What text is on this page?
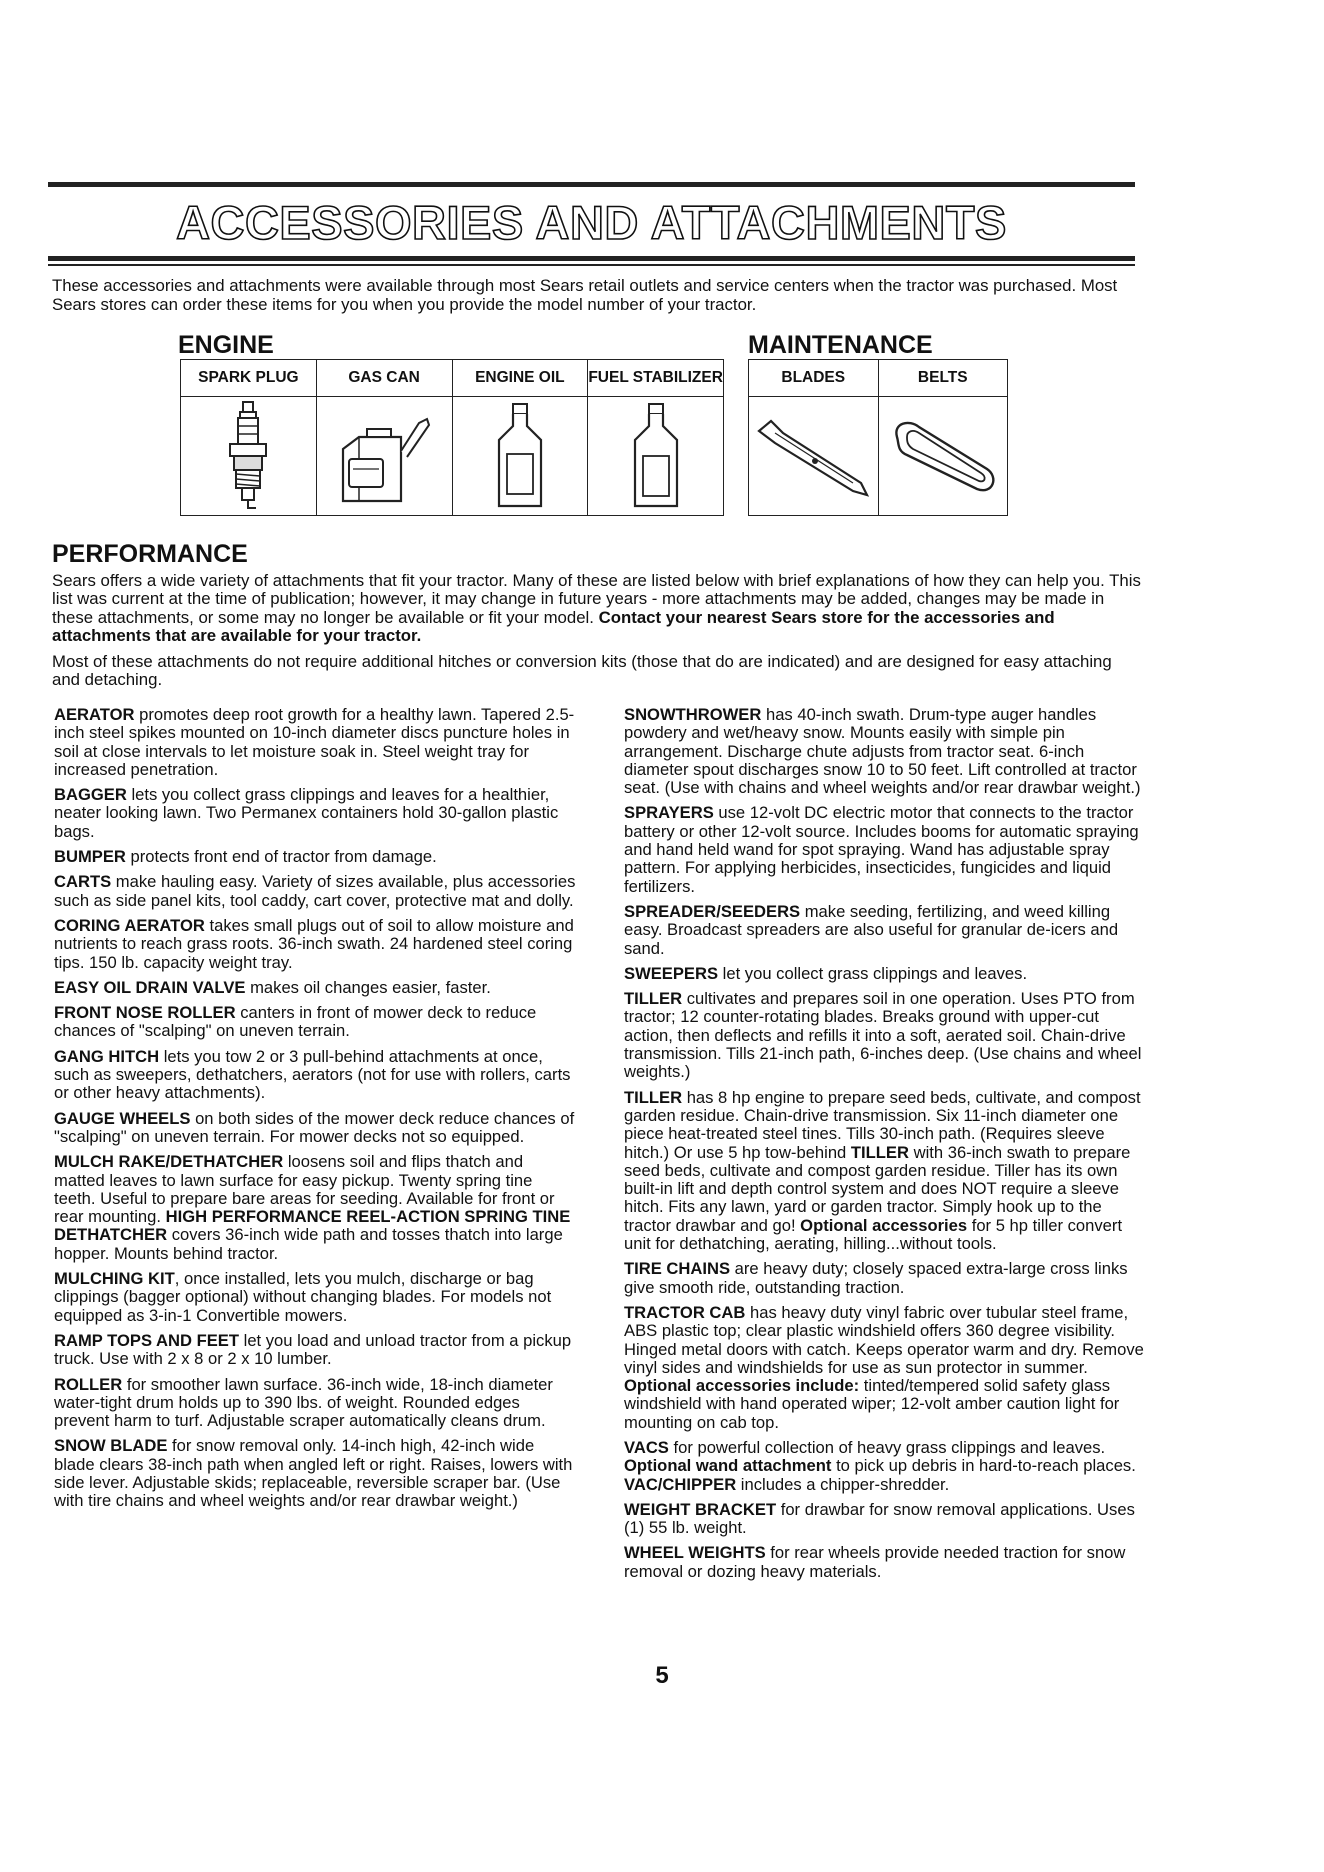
ACCESSORIES AND ATTACHMENTS

These accessories and attachments were available through most Sears retail outlets and service centers when the tractor was purchased. Most Sears stores can order these items for you when you provide the model number of your tractor.

ENGINE
SPARK PLUG	GAS CAN	ENGINE OIL	FUEL STABILIZER

MAINTENANCE
BLADES	BELTS

PERFORMANCE

Sears offers a wide variety of attachments that fit your tractor. Many of these are listed below with brief explanations of how they can help you. This list was current at the time of publication; however, it may change in future years - more attachments may be added, changes may be made in these attachments, or some may no longer be available or fit your model. Contact your nearest Sears store for the accessories and attachments that are available for your tractor.

Most of these attachments do not require additional hitches or conversion kits (those that do are indicated) and are designed for easy attaching and detaching.

AERATOR promotes deep root growth for a healthy lawn. Tapered 2.5-inch steel spikes mounted on 10-inch diameter discs puncture holes in soil at close intervals to let moisture soak in. Steel weight tray for increased penetration.

BAGGER lets you collect grass clippings and leaves for a healthier, neater looking lawn. Two Permanex containers hold 30-gallon plastic bags.

BUMPER protects front end of tractor from damage.

CARTS make hauling easy. Variety of sizes available, plus accessories such as side panel kits, tool caddy, cart cover, protective mat and dolly.

CORING AERATOR takes small plugs out of soil to allow moisture and nutrients to reach grass roots. 36-inch swath. 24 hardened steel coring tips. 150 lb. capacity weight tray.

EASY OIL DRAIN VALVE makes oil changes easier, faster.

FRONT NOSE ROLLER canters in front of mower deck to reduce chances of "scalping" on uneven terrain.

GANG HITCH lets you tow 2 or 3 pull-behind attachments at once, such as sweepers, dethatchers, aerators (not for use with rollers, carts or other heavy attachments).

GAUGE WHEELS on both sides of the mower deck reduce chances of "scalping" on uneven terrain. For mower decks not so equipped.

MULCH RAKE/DETHATCHER loosens soil and flips thatch and matted leaves to lawn surface for easy pickup. Twenty spring tine teeth. Useful to prepare bare areas for seeding. Available for front or rear mounting. HIGH PERFORMANCE REEL-ACTION SPRING TINE DETHATCHER covers 36-inch wide path and tosses thatch into large hopper. Mounts behind tractor.

MULCHING KIT, once installed, lets you mulch, discharge or bag clippings (bagger optional) without changing blades. For models not equipped as 3-in-1 Convertible mowers.

RAMP TOPS AND FEET let you load and unload tractor from a pickup truck. Use with 2 x 8 or 2 x 10 lumber.

ROLLER for smoother lawn surface. 36-inch wide, 18-inch diameter water-tight drum holds up to 390 lbs. of weight. Rounded edges prevent harm to turf. Adjustable scraper automatically cleans drum.

SNOW BLADE for snow removal only. 14-inch high, 42-inch wide blade clears 38-inch path when angled left or right. Raises, lowers with side lever. Adjustable skids; replaceable, reversible scraper bar. (Use with tire chains and wheel weights and/or rear drawbar weight.)

SNOWTHROWER has 40-inch swath. Drum-type auger handles powdery and wet/heavy snow. Mounts easily with simple pin arrangement. Discharge chute adjusts from tractor seat. 6-inch diameter spout discharges snow 10 to 50 feet. Lift controlled at tractor seat. (Use with chains and wheel weights and/or rear drawbar weight.)

SPRAYERS use 12-volt DC electric motor that connects to the tractor battery or other 12-volt source. Includes booms for automatic spraying and hand held wand for spot spraying. Wand has adjustable spray pattern. For applying herbicides, insecticides, fungicides and liquid fertilizers.

SPREADER/SEEDERS make seeding, fertilizing, and weed killing easy. Broadcast spreaders are also useful for granular de-icers and sand.

SWEEPERS let you collect grass clippings and leaves.

TILLER cultivates and prepares soil in one operation. Uses PTO from tractor; 12 counter-rotating blades. Breaks ground with upper-cut action, then deflects and refills it into a soft, aerated soil. Chain-drive transmission. Tills 21-inch path, 6-inches deep. (Use chains and wheel weights.)

TILLER has 8 hp engine to prepare seed beds, cultivate, and compost garden residue. Chain-drive transmission. Six 11-inch diameter one piece heat-treated steel tines. Tills 30-inch path. (Requires sleeve hitch.) Or use 5 hp tow-behind TILLER with 36-inch swath to prepare seed beds, cultivate and compost garden residue. Tiller has its own built-in lift and depth control system and does NOT require a sleeve hitch. Fits any lawn, yard or garden tractor. Simply hook up to the tractor drawbar and go! Optional accessories for 5 hp tiller convert unit for dethatching, aerating, hilling...without tools.

TIRE CHAINS are heavy duty; closely spaced extra-large cross links give smooth ride, outstanding traction.

TRACTOR CAB has heavy duty vinyl fabric over tubular steel frame, ABS plastic top; clear plastic windshield offers 360 degree visibility. Hinged metal doors with catch. Keeps operator warm and dry. Remove vinyl sides and windshields for use as sun protector in summer. Optional accessories include: tinted/tempered solid safety glass windshield with hand operated wiper; 12-volt amber caution light for mounting on cab top.

VACS for powerful collection of heavy grass clippings and leaves. Optional wand attachment to pick up debris in hard-to-reach places. VAC/CHIPPER includes a chipper-shredder.

WEIGHT BRACKET for drawbar for snow removal applications. Uses (1) 55 lb. weight.

WHEEL WEIGHTS for rear wheels provide needed traction for snow removal or dozing heavy materials.

5
